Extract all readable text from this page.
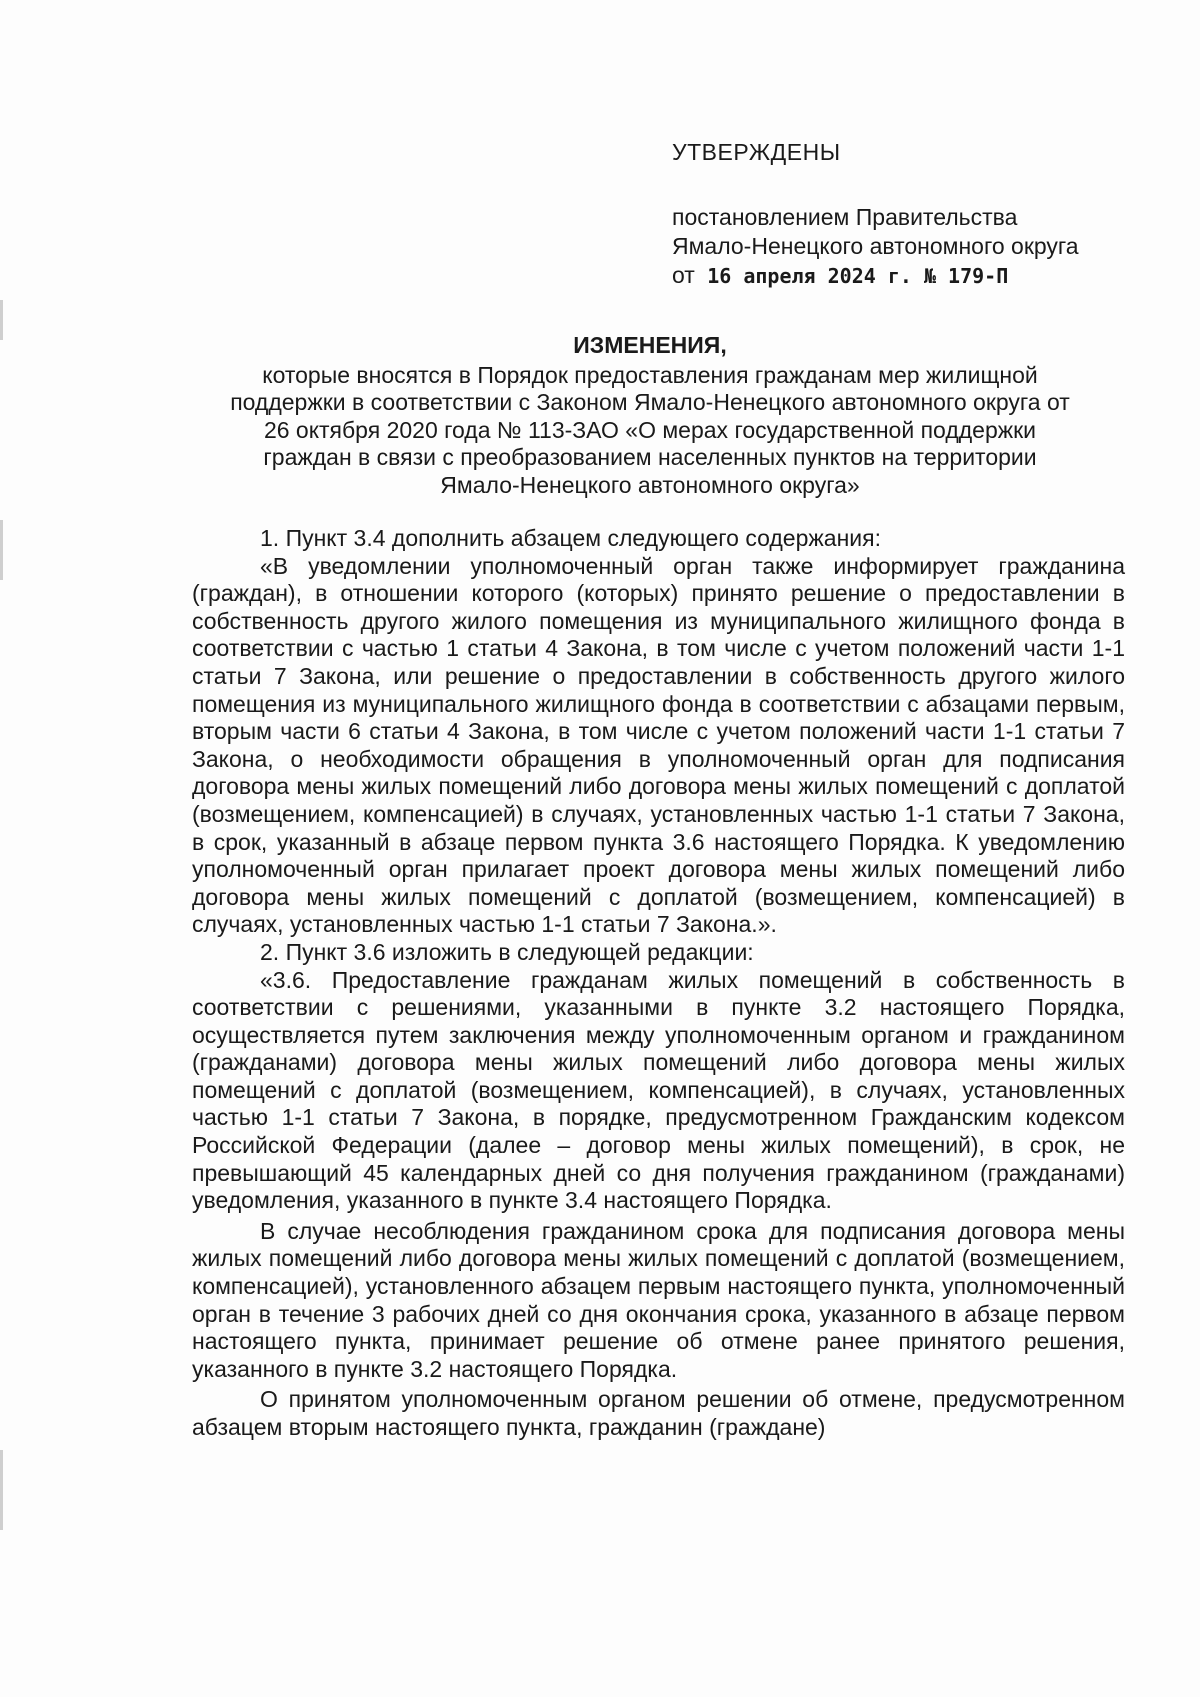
УТВЕРЖДЕНЫ
постановлением Правительства
Ямало-Ненецкого автономного округа
от 16 апреля 2024 г. № 179-П
ИЗМЕНЕНИЯ,
которые вносятся в Порядок предоставления гражданам мер жилищной
поддержки в соответствии с Законом Ямало-Ненецкого автономного округа от
26 октября 2020 года № 113-ЗАО «О мерах государственной поддержки
граждан в связи с преобразованием населенных пунктов на территории
Ямало-Ненецкого автономного округа»

1. Пункт 3.4 дополнить абзацем следующего содержания:

«В уведомлении уполномоченный орган также информирует гражданина (граждан), в отношении которого (которых) принято решение о предоставлении в собственность другого жилого помещения из муниципального жилищного фонда в соответствии с частью 1 статьи 4 Закона, в том числе с учетом положений части 1-1 статьи 7 Закона, или решение о предоставлении в собственность другого жилого помещения из муниципального жилищного фонда в соответствии с абзацами первым, вторым части 6 статьи 4 Закона, в том числе с учетом положений части 1-1 статьи 7 Закона, о необходимости обращения в уполномоченный орган для подписания договора мены жилых помещений либо договора мены жилых помещений с доплатой (возмещением, компенсацией) в случаях, установленных частью 1-1 статьи 7 Закона, в срок, указанный в абзаце первом пункта 3.6 настоящего Порядка. К уведомлению уполномоченный орган прилагает проект договора мены жилых помещений либо договора мены жилых помещений с доплатой (возмещением, компенсацией) в случаях, установленных частью 1-1 статьи 7 Закона.».

2. Пункт 3.6 изложить в следующей редакции:

«3.6. Предоставление гражданам жилых помещений в собственность в соответствии с решениями, указанными в пункте 3.2 настоящего Порядка, осуществляется путем заключения между уполномоченным органом и гражданином (гражданами) договора мены жилых помещений либо договора мены жилых помещений с доплатой (возмещением, компенсацией), в случаях, установленных частью 1-1 статьи 7 Закона, в порядке, предусмотренном Гражданским кодексом Российской Федерации (далее – договор мены жилых помещений), в срок, не превышающий 45 календарных дней со дня получения гражданином (гражданами) уведомления, указанного в пункте 3.4 настоящего Порядка.

В случае несоблюдения гражданином срока для подписания договора мены жилых помещений либо договора мены жилых помещений с доплатой (возмещением, компенсацией), установленного абзацем первым настоящего пункта, уполномоченный орган в течение 3 рабочих дней со дня окончания срока, указанного в абзаце первом настоящего пункта, принимает решение об отмене ранее принятого решения, указанного в пункте 3.2 настоящего Порядка.

О принятом уполномоченным органом решении об отмене, предусмотренном абзацем вторым настоящего пункта, гражданин (граждане)
